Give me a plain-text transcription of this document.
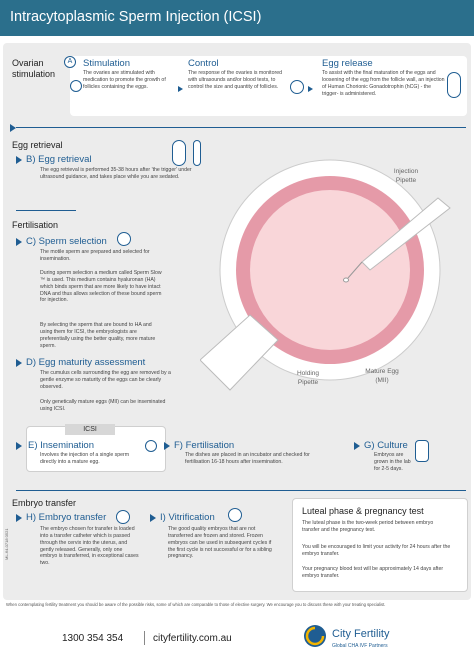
Intracytoplasmic Sperm Injection (ICSI)
Ovarian stimulation
A	Stimulation
The ovaries are stimulated with medication to promote the growth of follicles containing the eggs.
Control
The response of the ovaries is monitored with ultrasounds and/or blood tests, to control the size and quantity of follicles.
Egg release
To assist with the final maturation of the eggs and loosening of the egg from the follicle wall, an injection of Human Chorionic Gonadotrophin (hCG) - the trigger- is administered.
Egg retrieval
B) Egg retrieval
The egg retrieval is performed 35-38 hours after 'the trigger' under ultrasound guidance, and takes place while you are sedated.
Fertilisation
C) Sperm selection
The motile sperm are prepared and selected for insemination.
During sperm selection a medium called Sperm Slow ™ is used. This medium contains hyaluronan (HA) which binds sperm that are more likely to have intact DNA and thus allows selection of these bound sperm for injection.
By selecting the sperm that are bound to HA and using them for ICSI, the embryologists are preferentially using the better quality, more mature sperm.
D) Egg maturity assessment
The cumulus cells surrounding the egg are removed by a gentle enzyme so maturity of the eggs can be clearly observed.
Only genetically mature eggs (MII) can be inseminated using ICSI.
Injection Pipette
Holding Pipette
Mature Egg (MII)
ICSI
E) Insemination
Involves the injection of a single sperm directly into a mature egg.
F) Fertilisation
The dishes are placed in an incubator and checked for fertilisation 16-18 hours after insemination.
G) Culture
Embryos are grown in the lab for 2-5 days.
Embryo transfer
H) Embryo transfer
The embryo chosen for transfer is loaded into a transfer catheter which is passed through the cervix into the uterus, and gently released. Generally, only one embryo is transferred, in exceptional cases two.
I) Vitrification
The good quality embryos that are not transferred are frozen and stored. Frozen embryos can be used in subsequent cycles if the first cycle is not successful or for a sibling pregnancy.
Luteal phase & pregnancy test
The luteal phase is the two-week period between embryo transfer and the pregnancy test.
You will be encouraged to limit your activity for 24 hours after the embryo transfer.
Your pregnancy blood test will be approximately 14 days after embryo transfer.
ML-64-0718 0521
When contemplating fertility treatment you should be aware of the possible risks, some of which are comparable to those of elective surgery. We encourage you to discuss these with your treating specialist.
1300 354 354	cityfertility.com.au	City Fertility
Global CHA IVF Partners
